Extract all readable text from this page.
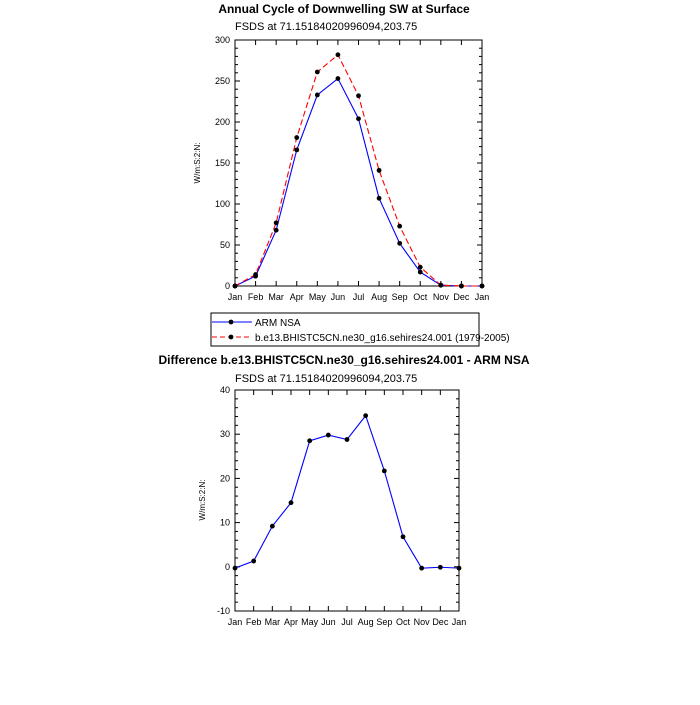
Annual Cycle of Downwelling SW at Surface
FSDS at 71.15184020996094,203.75
W/m:S:2:N:
0
50
100
150
200
250
300
Jan Feb Mar Apr May Jun Jul Aug Sep Oct Nov Dec Jan
ARM NSA
b.e13.BHISTC5CN.ne30_g16.sehires24.001 (1979-2005)
Difference b.e13.BHISTC5CN.ne30_g16.sehires24.001 - ARM NSA
FSDS at 71.15184020996094,203.75
W/m:S:2:N:
-10
0
10
20
30
40
Jan Feb Mar Apr May Jun Jul Aug Sep Oct Nov Dec Jan
